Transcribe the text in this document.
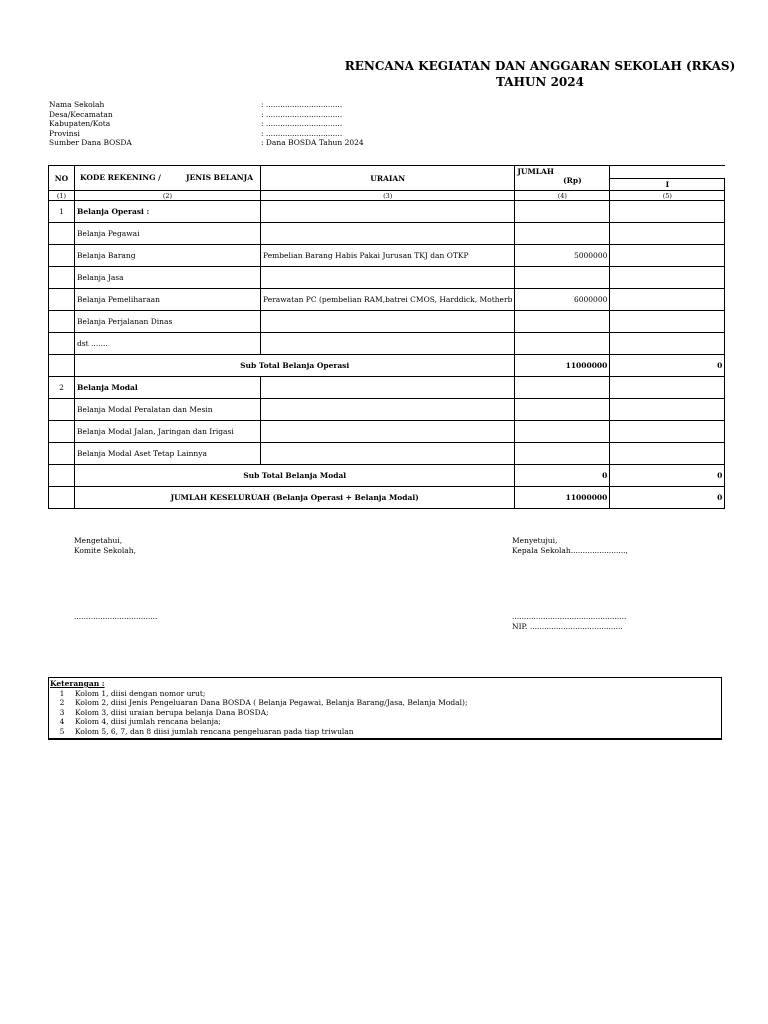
RENCANA KEGIATAN DAN ANGGARAN SEKOLAH (RKAS)
TAHUN 2024
Nama Sekolah	: ................................
Desa/Kecamatan	: ................................
Kabupaten/Kota	: ................................
Provinsi	: ................................
Sumber Dana BOSDA	: Dana BOSDA Tahun 2024
NO	KODE REKENING / JENIS BELANJA	URAIAN	JUMLAH
(Rp)	

				I
(1)	(2)	(3)	(4)	(5)
1	Belanja Operasi :			
	Belanja Pegawai			
	Belanja Barang	Pembelian Barang Habis Pakai Jurusan TKJ dan OTKP	5000000	
	Belanja Jasa			
	Belanja Pemeliharaan	Perawatan PC (pembelian RAM,batrei CMOS, Harddick, Motherb	6000000	
	Belanja Perjalanan Dinas			
	dst .......			
	Sub Total Belanja Operasi		11000000	0
2	Belanja Modal			
	Belanja Modal Peralatan dan Mesin			
	Belanja Modal Jalan, Jaringan dan Irigasi			
	Belanja Modal Aset Tetap Lainnya			
	Sub Total Belanja Modal		0	0
	JUMLAH KESELURUAH (Belanja Operasi + Belanja Modal)		11000000	0
Mengetahui,
Komite Sekolah,
Menyetujui,
Kepala Sekolah.......................,
...................................	................................................
NIP. .......................................
Keterangan :
1	Kolom 1, diisi dengan nomor urut;
2	Kolom 2, diisi Jenis Pengeluaran Dana BOSDA ( Belanja Pegawai, Belanja Barang/Jasa, Belanja Modal);
3	Kolom 3, diisi uraian berupa belanja Dana BOSDA;
4	Kolom 4, diisi jumlah rencana belanja;
5	Kolom 5, 6, 7, dan 8 diisi jumlah rencana pengeluaran pada tiap triwulan
